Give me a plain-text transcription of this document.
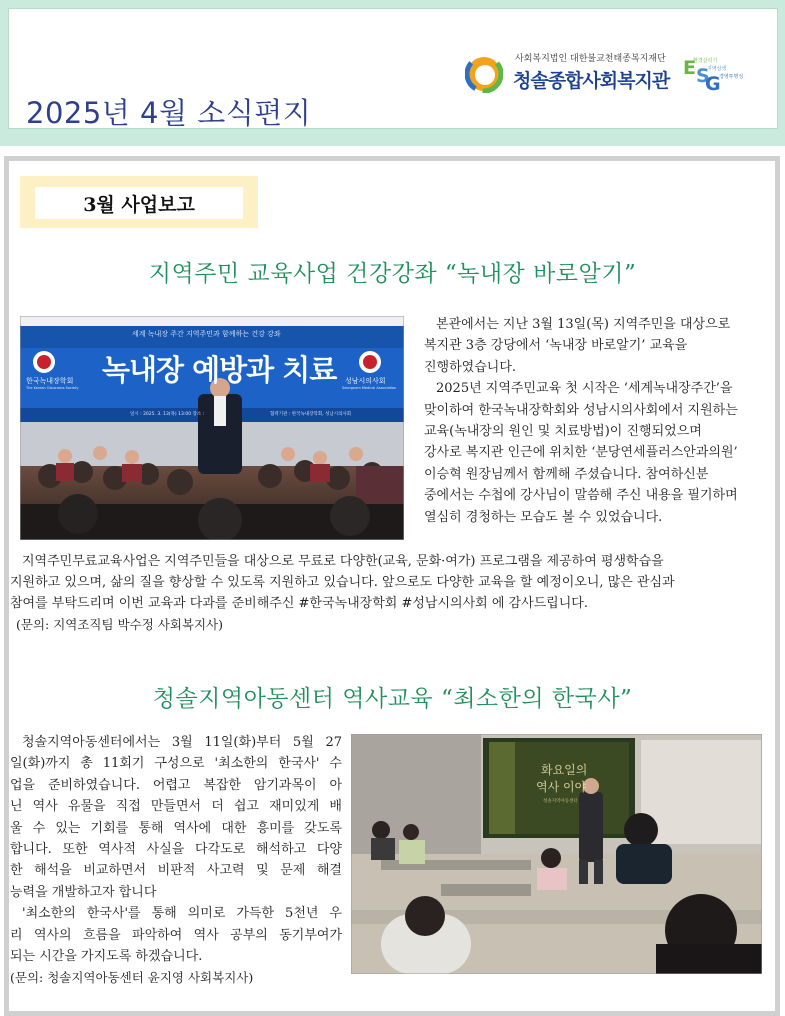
2025년 4월 소식편지
사회복지법인 대한불교천태종복지재단
청솔종합사회복지관
E S
G
환경살리기
지역상생
경영투명성
3월 사업보고
지역주민 교육사업 건강강좌 “녹내장 바로알기”
세계 녹내장 주간 지역주민과 함께하는 건강 강좌
녹내장 예방과 치료
일시 : 2025. 3. 13(목) 13:00 장소 :	협력기관 : 한국녹내장학회, 성남시의사회
한국녹내장학회
The Korean Glaucoma Society
성남시의사회
Seongnam Medical Association

본관에서는 지난 3월 13일(목) 지역주민을 대상으로

복지관 3층 강당에서 ‘녹내장 바로알기’ 교육을

진행하였습니다.

2025년 지역주민교육 첫 시작은 ‘세계녹내장주간’을

맞이하여 한국녹내장학회와 성남시의사회에서 지원하는

교육(녹내장의 원인 및 치료방법)이 진행되었으며

강사로 복지관 인근에 위치한 ‘분당연세플러스안과의원’

이승혁 원장님께서 함께해 주셨습니다. 참여하신분

중에서는 수첩에 강사님이 말씀해 주신 내용을 필기하며

열심히 경청하는 모습도 볼 수 있었습니다.

지역주민무료교육사업은 지역주민들을 대상으로 무료로 다양한(교육, 문화·여가) 프로그램을 제공하여 평생학습을

지원하고 있으며, 삶의 질을 향상할 수 있도록 지원하고 있습니다. 앞으로도 다양한 교육을 할 예정이오니, 많은 관심과

참여를 부탁드리며 이번 교육과 다과를 준비해주신 #한국녹내장학회 #성남시의사회 에 감사드립니다.

(문의: 지역조직팀 박수정 사회복지사)

청솔지역아동센터 역사교육 “최소한의 한국사”

청솔지역아동센터에서는 3월 11일(화)부터 5월 27

일(화)까지 총 11회기 구성으로 '최소한의 한국사' 수

업을 준비하였습니다. 어렵고 복잡한 암기과목이 아

닌 역사 유물을 직접 만들면서 더 쉽고 재미있게 배

울 수 있는 기회를 통해 역사에 대한 흥미를 갖도록

합니다. 또한 역사적 사실을 다각도로 해석하고 다양

한 해석을 비교하면서 비판적 사고력 및 문제 해결

능력을 개발하고자 합니다

'최소한의 한국사'를 통해 의미로 가득한 5천년 우

리 역사의 흐름을 파악하여 역사 공부의 동기부여가

되는 시간을 가지도록 하겠습니다.

(문의: 청솔지역아동센터 윤지영 사회복지사)

화요일의
역사 이야
청솔지역아동센터
